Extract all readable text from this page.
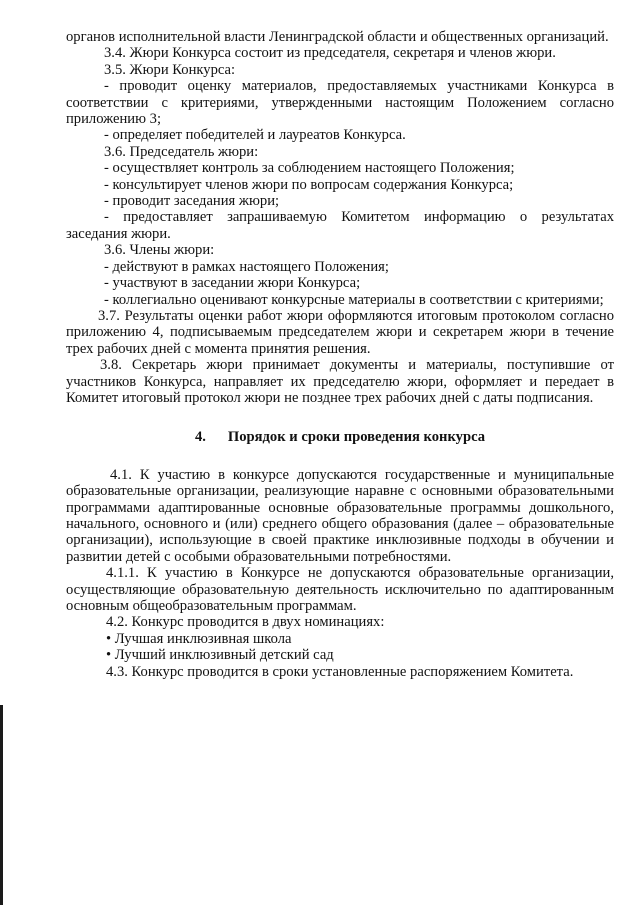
органов исполнительной власти Ленинградской области и общественных организаций.

3.4. Жюри Конкурса состоит из председателя, секретаря и членов жюри.

3.5. Жюри Конкурса:

- проводит оценку материалов, предоставляемых участниками Конкурса в соответствии с критериями, утвержденными настоящим Положением согласно приложению 3;

- определяет победителей и лауреатов Конкурса.

3.6. Председатель жюри:

- осуществляет контроль за соблюдением настоящего Положения;

- консультирует членов жюри по вопросам содержания Конкурса;

- проводит заседания жюри;

- предоставляет запрашиваемую Комитетом информацию о результатах заседания жюри.

3.6. Члены жюри:

- действуют в рамках настоящего Положения;

- участвуют в заседании жюри Конкурса;

- коллегиально оценивают конкурсные материалы в соответствии с критериями;

3.7. Результаты оценки работ жюри оформляются итоговым протоколом согласно приложению 4, подписываемым председателем жюри и секретарем жюри в течение трех рабочих дней с момента принятия решения.

3.8. Секретарь жюри принимает документы и материалы, поступившие от участников Конкурса, направляет их председателю жюри, оформляет и передает в Комитет итоговый протокол жюри не позднее трех рабочих дней с даты подписания.

4. Порядок и сроки проведения конкурса

4.1. К участию в конкурсе допускаются государственные и муниципальные образовательные организации, реализующие наравне с основными образовательными программами адаптированные основные образовательные программы дошкольного, начального, основного и (или) среднего общего образования (далее – образовательные организации), использующие в своей практике инклюзивные подходы в обучении и развитии детей с особыми образовательными потребностями.

4.1.1. К участию в Конкурсе не допускаются образовательные организации, осуществляющие образовательную деятельность исключительно по адаптированным основным общеобразовательным программам.

4.2. Конкурс проводится в двух номинациях:

• Лучшая инклюзивная школа

• Лучший инклюзивный детский сад

4.3. Конкурс проводится в сроки установленные распоряжением Комитета.
